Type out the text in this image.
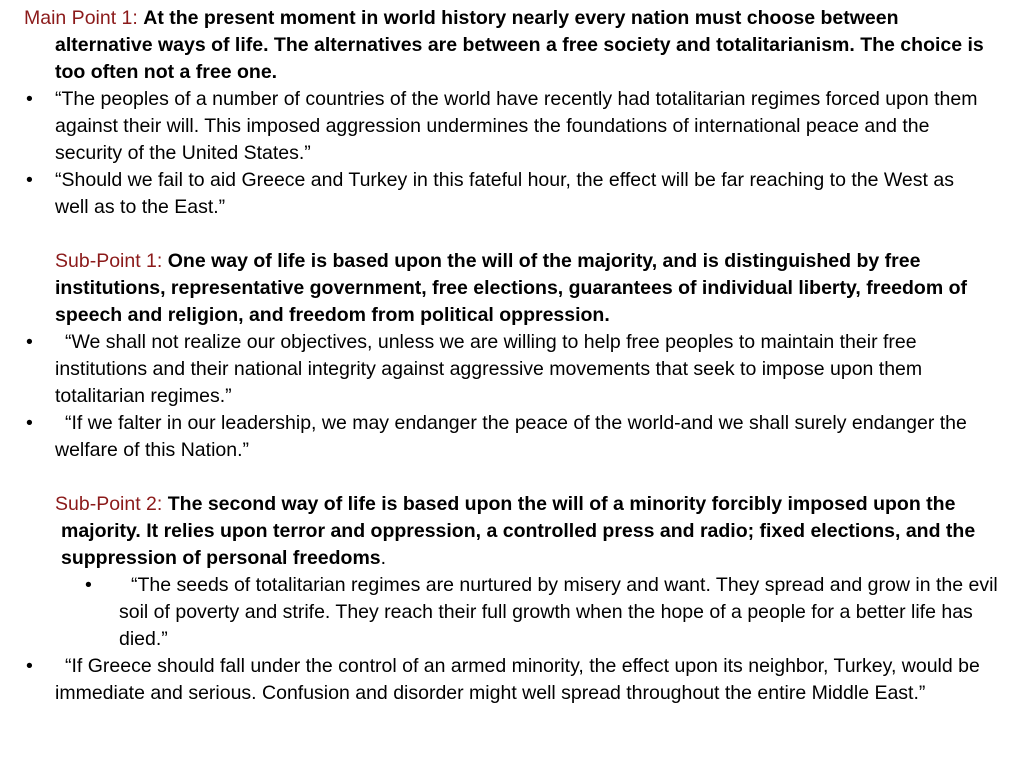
Main Point 1: At the present moment in world history nearly every nation must choose between alternative ways of life. The alternatives are between a free society and totalitarianism. The choice is too often not a free one.

• “The peoples of a number of countries of the world have recently had totalitarian regimes forced upon them against their will. This imposed aggression undermines the foundations of international peace and the security of the United States.”

• “Should we fail to aid Greece and Turkey in this fateful hour, the effect will be far reaching to the West as well as to the East.”

Sub-Point 1: One way of life is based upon the will of the majority, and is distinguished by free institutions, representative government, free elections, guarantees of individual liberty, freedom of speech and religion, and freedom from political oppression.

• “We shall not realize our objectives, unless we are willing to help free peoples to maintain their free institutions and their national integrity against aggressive movements that seek to impose upon them totalitarian regimes.”

• “If we falter in our leadership, we may endanger the peace of the world-and we shall surely endanger the welfare of this Nation.”

Sub-Point 2: The second way of life is based upon the will of a minority forcibly imposed upon the majority. It relies upon terror and oppression, a controlled press and radio; fixed elections, and the suppression of personal freedoms.

• “The seeds of totalitarian regimes are nurtured by misery and want. They spread and grow in the evil soil of poverty and strife. They reach their full growth when the hope of a people for a better life has died.”

• “If Greece should fall under the control of an armed minority, the effect upon its neighbor, Turkey, would be immediate and serious. Confusion and disorder might well spread throughout the entire Middle East.”
